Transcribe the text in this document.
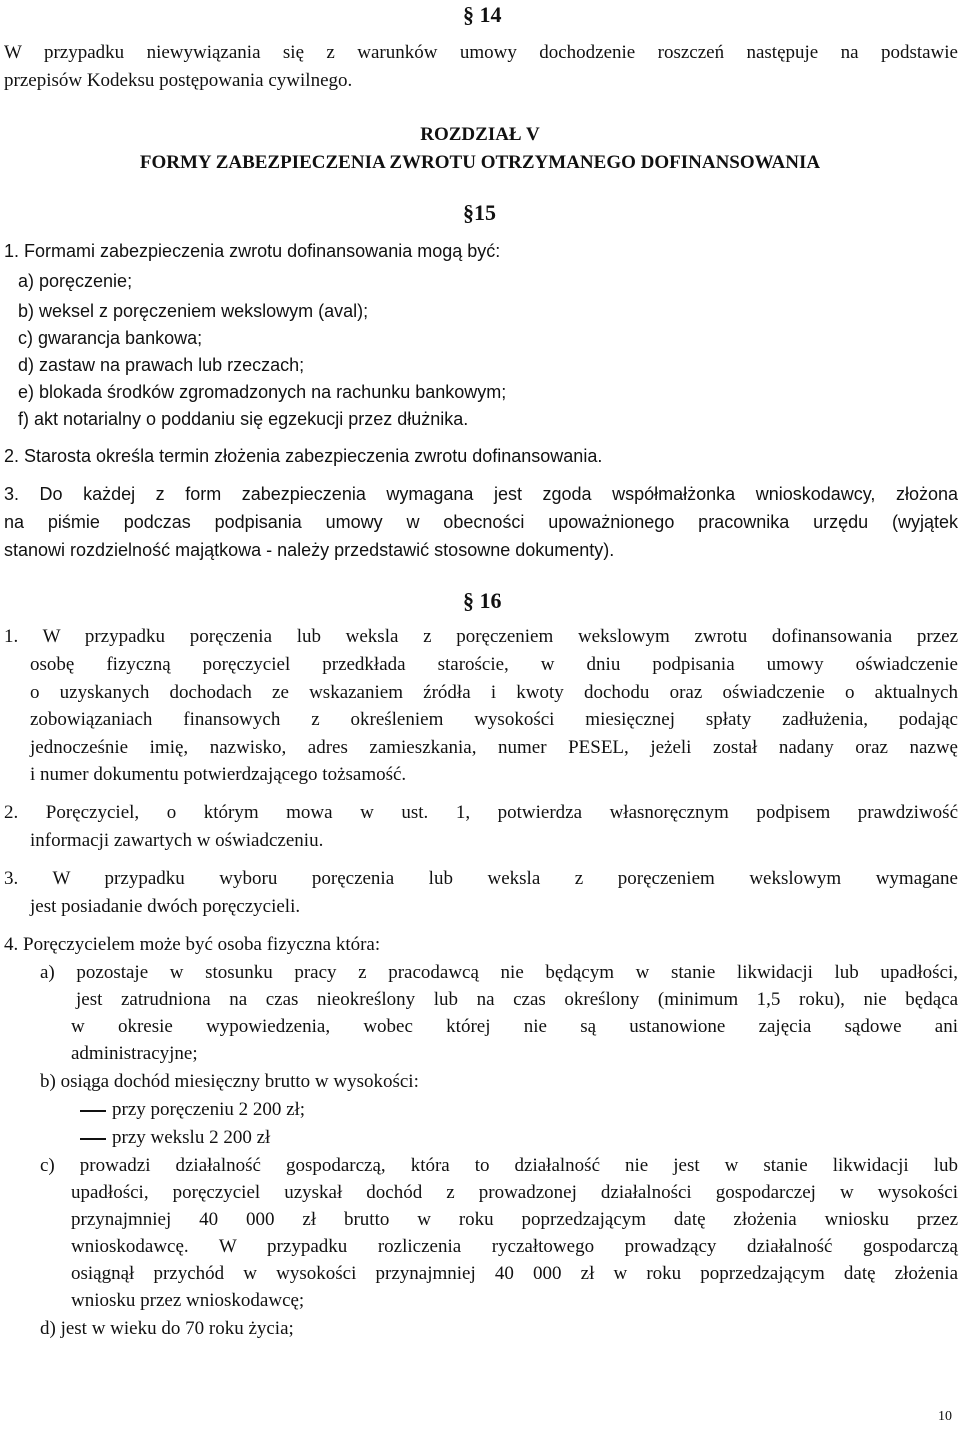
§ 14
W przypadku niewywiązania się z warunków umowy dochodzenie roszczeń następuje na podstawie
przepisów Kodeksu postępowania cywilnego.
ROZDZIAŁ V
FORMY ZABEZPIECZENIA ZWROTU OTRZYMANEGO DOFINANSOWANIA
§15
1. Formami zabezpieczenia zwrotu dofinansowania mogą być:
a) poręczenie;
b) weksel z poręczeniem wekslowym (aval);
c) gwarancja bankowa;
d) zastaw na prawach lub rzeczach;
e) blokada środków zgromadzonych na rachunku bankowym;
f) akt notarialny o poddaniu się egzekucji przez dłużnika.
2. Starosta określa termin złożenia zabezpieczenia zwrotu dofinansowania.
3. Do każdej z form zabezpieczenia wymagana jest zgoda współmałżonka wnioskodawcy, złożona
na piśmie podczas podpisania umowy w obecności upoważnionego pracownika urzędu (wyjątek
stanowi rozdzielność majątkowa - należy przedstawić stosowne dokumenty).
§ 16
1. W przypadku poręczenia lub weksla z poręczeniem wekslowym zwrotu dofinansowania przez
osobę fizyczną poręczyciel przedkłada staroście, w dniu podpisania umowy oświadczenie
o uzyskanych dochodach ze wskazaniem źródła i kwoty dochodu oraz oświadczenie o aktualnych
zobowiązaniach finansowych z określeniem wysokości miesięcznej spłaty zadłużenia, podając
jednocześnie imię, nazwisko, adres zamieszkania, numer PESEL, jeżeli został nadany oraz nazwę
i numer dokumentu potwierdzającego tożsamość.
2. Poręczyciel, o którym mowa w ust. 1, potwierdza własnoręcznym podpisem prawdziwość
informacji zawartych w oświadczeniu.
3. W przypadku wyboru poręczenia lub weksla z poręczeniem wekslowym wymagane
jest posiadanie dwóch poręczycieli.
4. Poręczycielem może być osoba fizyczna która:
a) pozostaje w stosunku pracy z pracodawcą nie będącym w stanie likwidacji lub upadłości,
jest zatrudniona na czas nieokreślony lub na czas określony (minimum 1,5 roku), nie będąca
w okresie wypowiedzenia, wobec której nie są ustanowione zajęcia sądowe ani
administracyjne;
b) osiąga dochód miesięczny brutto w wysokości:
przy poręczeniu 2 200 zł;
przy wekslu 2 200 zł
c) prowadzi działalność gospodarczą, która to działalność nie jest w stanie likwidacji lub
upadłości, poręczyciel uzyskał dochód z prowadzonej działalności gospodarczej w wysokości
przynajmniej 40 000 zł brutto w roku poprzedzającym datę złożenia wniosku przez
wnioskodawcę. W przypadku rozliczenia ryczałtowego prowadzący działalność gospodarczą
osiągnął przychód w wysokości przynajmniej 40 000 zł w roku poprzedzającym datę złożenia
wniosku przez wnioskodawcę;
d) jest w wieku do 70 roku życia;
10
